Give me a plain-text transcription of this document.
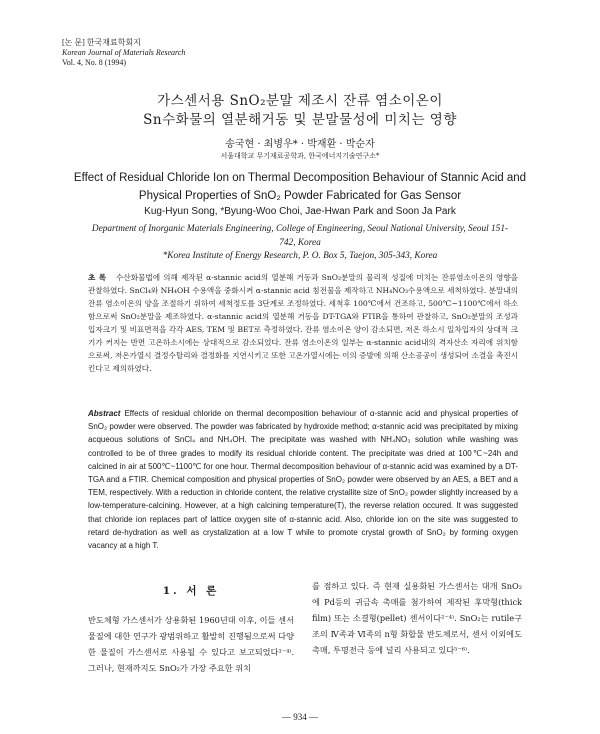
[논 문] 한국재료학회지
Korean Journal of Materials Research
Vol. 4, No. 8 (1994)
가스센서용 SnO₂분말 제조시 잔류 염소이온이
Sn수화물의 열분해거동 및 분말물성에 미치는 영향
송국현 · 최병우* · 박재환 · 박순자
서울대학교 무기재료공학과, 한국에너지기술연구소*
Effect of Residual Chloride Ion on Thermal Decomposition Behaviour of Stannic Acid and
Physical Properties of SnO₂ Powder Fabricated for Gas Sensor
Kug-Hyun Song, *Byung-Woo Choi, Jae-Hwan Park and Soon Ja Park
Department of Inorganic Materials Engineering, College of Engineering, Seoul National University, Seoul 151-
742, Korea
*Korea Institute of Energy Research, P. O. Box 5, Taejon, 305-343, Korea
초 록 수산화물법에 의해 제작된 α-stannic acid의 열분해 거동과 SnO₂분말의 물리적 성질에 미치는 잔류염소이온의 영향을 관찰하였다. SnCl₄와 NH₄OH 수용액을 중화시켜 α-stannic acid 침전물을 제작하고 NH₄NO₃수용액으로 세척하였다. 분말내의 잔류 염소이온의 양을 조절하기 위하여 세척정도를 3단계로 조정하였다. 세척후 100℃에서 건조하고, 500℃~1100℃에서 하소함으로써 SnO₂분말을 제조하였다. α-stannic acid의 열분해 거동을 DT-TGA와 FTIR을 통하여 관찰하고, SnO₂분말의 조성과 입자크기 및 비표면적을 각각 AES, TEM 및 BET로 측정하였다. 잔류 염소이온 양이 감소되면, 저온 하소시 일차입자의 상대적 크기가 커지는 반면 고온하소시에는 상대적으로 감소되었다. 잔류 염소이온의 일부는 α-stannic acid내의 격자산소 자리에 위치함으로써, 저온가열시 결정수탈리와 결정화를 지연시키고 또한 고온가열시에는 이의 증발에 의해 산소공공이 생성되어 소결을 촉진시킨다고 제의하였다.
Abstract Effects of residual chloride on thermal decomposition behaviour of α-stannic acid and physical properties of SnO₂ powder were observed. The powder was fabricated by hydroxide method; α-stannic acid was precipitated by mixing acqueous solutions of SnCl₄ and NH₄OH. The precipitate was washed with NH₄NO₃ solution while washing was controlled to be of three grades to modify its residual chloride content. The precipitate was dried at 100℃~24h and calcined in air at 500℃~1100℃ for one hour. Thermal decomposition behaviour of α-stannic acid was examined by a DT-TGA and a FTIR. Chemical composition and physical properties of SnO₂ powder were observed by an AES, a BET and a TEM, respectively. With a reduction in chloride content, the relative crystallite size of SnO₂ powder slightly increased by a low-temperature-calcining. However, at a high calcining temperature(T), the reverse relation occured. It was suggested that chloride ion replaces part of lattice oxygen site of α-stannic acid. Also, chloride ion on the site was suggested to retard de-hydration as well as crystalization at a low T while to promote crystal growth of SnO₂ by forming oxygen vacancy at a high T.
1. 서 론
반도체형 가스센서가 상용화된 1960년대 이후, 이들 센서 물질에 대한 연구가 광범위하고 활발히 진행됨으로써 다양한 물질이 가스센서로 사용될 수 있다고 보고되었다¹⁻⁴⁾. 그러나, 현재까지도 SnO₂가 가장 주요한 위치
를 점하고 있다. 즉 현재 실용화된 가스센서는 대개 SnO₂에 Pd등의 귀금속 촉매를 첨가하여 제작된 후막형(thick film) 또는 소결형(pellet) 센서이다²⁻⁴⁾. SnO₂는 rutile구조의 Ⅳ족과 Ⅵ족의 n형 화합물 반도체로서, 센서 이외에도 촉매, 투명전극 등에 널리 사용되고 있다⁵⁻⁶⁾.
— 934 —
